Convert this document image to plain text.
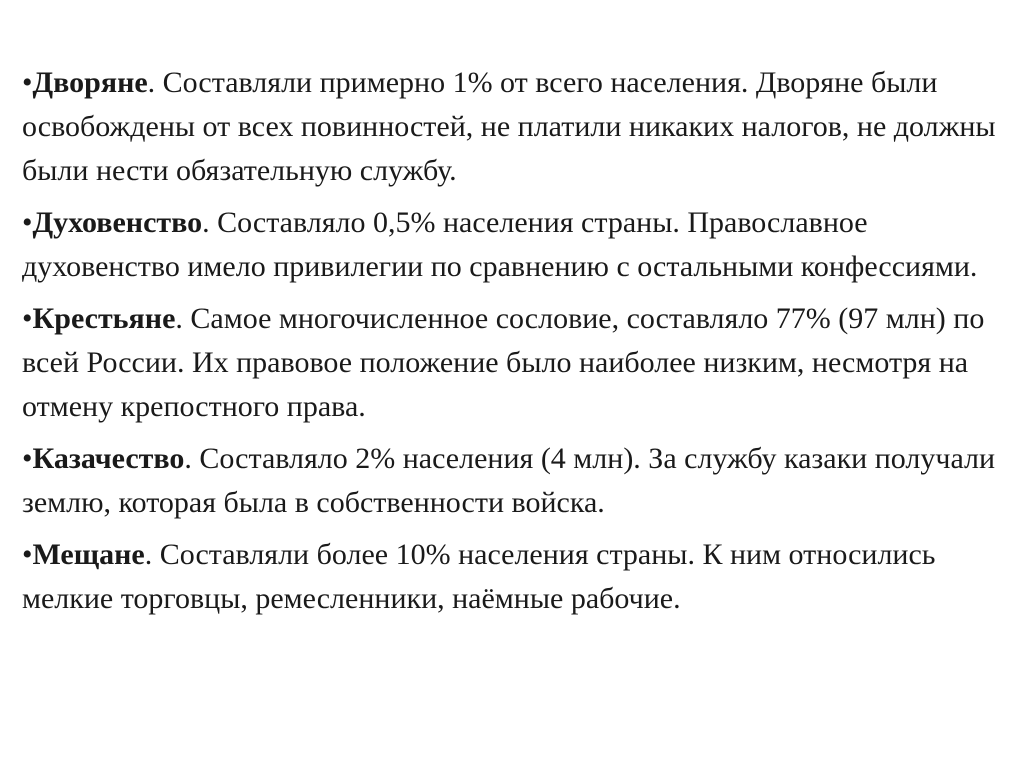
•Дворяне. Составляли примерно 1% от всего населения. Дворяне были освобождены от всех повинностей, не платили никаких налогов, не должны были нести обязательную службу.

•Духовенство. Составляло 0,5% населения страны. Православное духовенство имело привилегии по сравнению с остальными конфессиями.

•Крестьяне. Самое многочисленное сословие, составляло 77% (97 млн) по всей России. Их правовое положение было наиболее низким, несмотря на отмену крепостного права.

•Казачество. Составляло 2% населения (4 млн). За службу казаки получали землю, которая была в собственности войска.

•Мещане. Составляли более 10% населения страны. К ним относились мелкие торговцы, ремесленники, наёмные рабочие.
